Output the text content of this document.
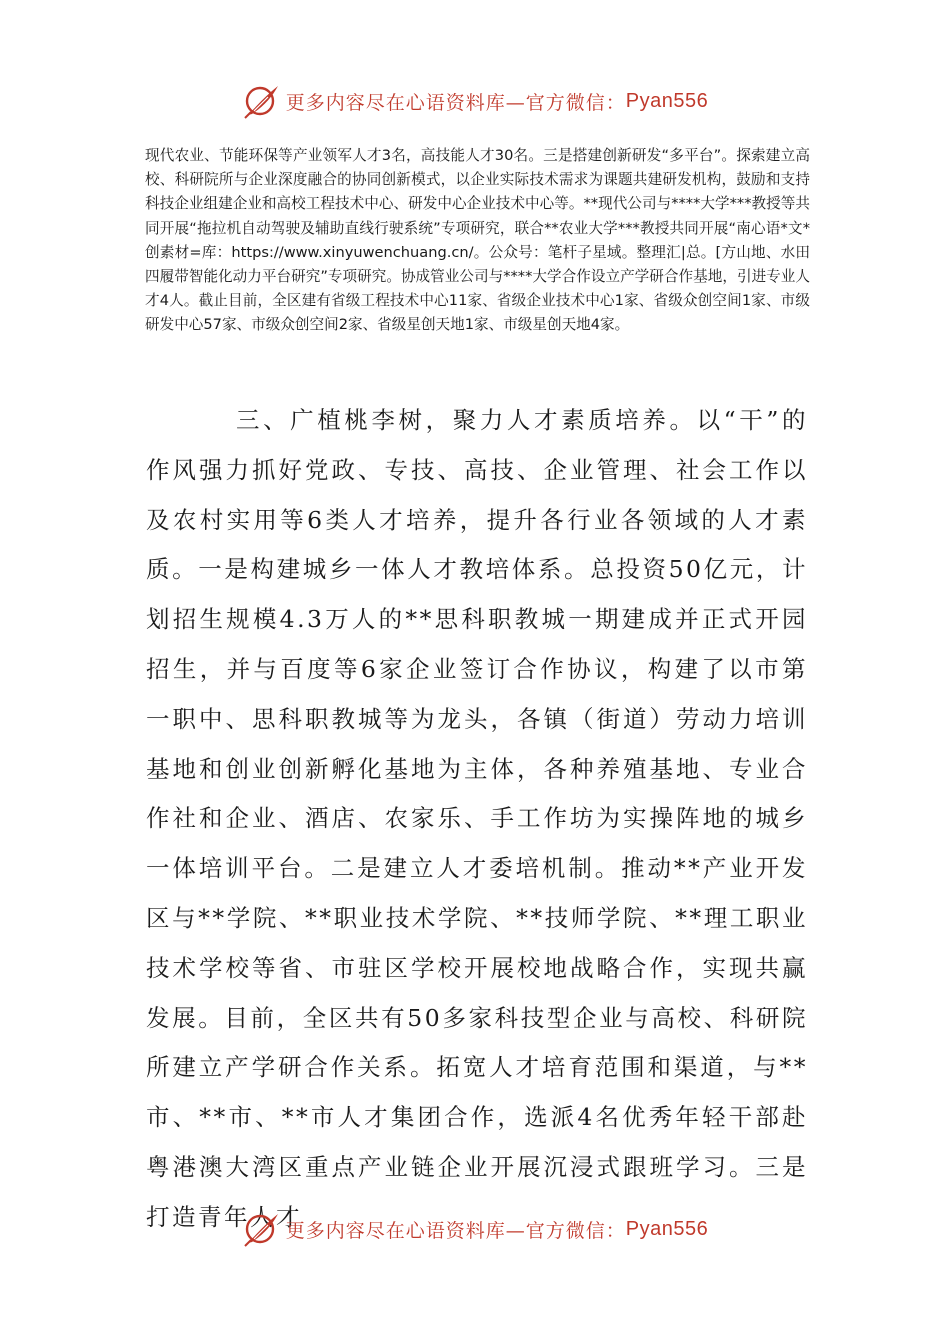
更多内容尽在心语资料库—官方微信： Pyan556

现代农业、节能环保等产业领军人才3名，高技能人才30名。三是搭建创新研发“多平台”。探索建立高校、科研院所与企业深度融合的协同创新模式，以企业实际技术需求为课题共建研发机构，鼓励和支持科技企业组建企业和高校工程技术中心、研发中心企业技术中心等。**现代公司与****大学***教授等共同开展“拖拉机自动驾驶及辅助直线行驶系统”专项研究，联合**农业大学***教授共同开展“南心语*文*创素材=库：https://www.xinyuwenchuang.cn/。公众号：笔杆子星域。整理汇|总。[方山地、水田四履带智能化动力平台研究”专项研究。协成管业公司与****大学合作设立产学研合作基地，引进专业人才4人。截止目前，全区建有省级工程技术中心11家、省级企业技术中心1家、省级众创空间1家、市级研发中心57家、市级众创空间2家、省级星创天地1家、市级星创天地4家。

三、广植桃李树，聚力人才素质培养。以“干”的作风强力抓好党政、专技、高技、企业管理、社会工作以及农村实用等6类人才培养，提升各行业各领域的人才素质。一是构建城乡一体人才教培体系。总投资50亿元，计划招生规模4.3万人的**思科职教城一期建成并正式开园招生，并与百度等6家企业签订合作协议，构建了以市第一职中、思科职教城等为龙头，各镇（街道）劳动力培训基地和创业创新孵化基地为主体，各种养殖基地、专业合作社和企业、酒店、农家乐、手工作坊为实操阵地的城乡一体培训平台。二是建立人才委培机制。推动**产业开发区与**学院、**职业技术学院、**技师学院、**理工职业技术学校等省、市驻区学校开展校地战略合作，实现共赢发展。目前，全区共有50多家科技型企业与高校、科研院所建立产学研合作关系。拓宽人才培育范围和渠道，与**市、**市、**市人才集团合作，选派4名优秀年轻干部赴粤港澳大湾区重点产业链企业开展沉浸式跟班学习。三是打造青年人才

更多内容尽在心语资料库—官方微信： Pyan556
